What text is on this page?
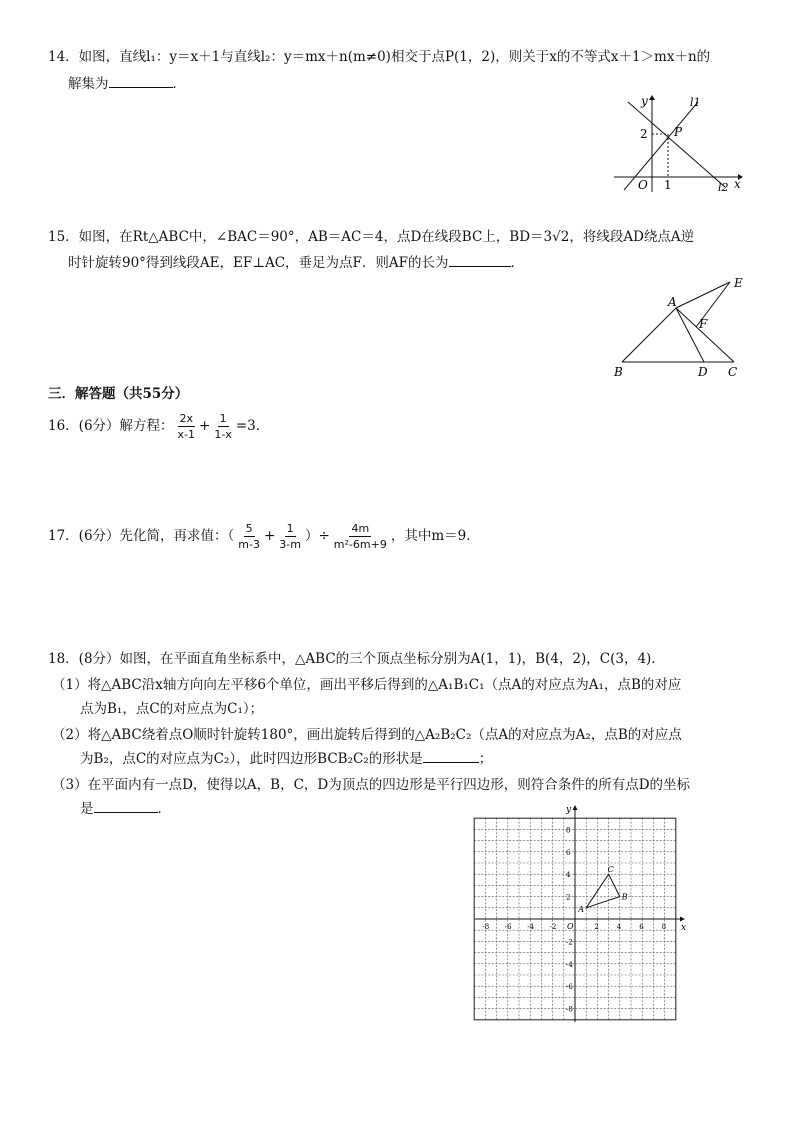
14．如图，直线l₁：y＝x＋1与直线l₂：y＝mx＋n(m≠0)相交于点P(1，2)，则关于x的不等式x＋1＞mx＋n的
解集为	．
y	l1
2 P
O 1	l2 x
15．如图，在Rt△ABC中，∠BAC＝90°，AB＝AC＝4，点D在线段BC上，BD＝3√2，将线段AD绕点A逆
时针旋转90°得到线段AE，EF⊥AC，垂足为点F．则AF的长为	．
A
E
F
B	D C
三．解答题（共55分）
16．(6分）解方程： $\frac{2x}{x-1} + \frac{1}{1-x} =3$．
17．(6分）先化简，再求值：（ $\frac{5}{m-3} + \frac{1}{3-m}$ ）÷ $\frac{4m}{\text{m²-6m+9}}$ ，其中m＝9．
18．(8分）如图，在平面直角坐标系中，△ABC的三个顶点坐标分别为A(1，1)，B(4，2)，C(3，4)．
（1）将△ABC沿x轴方向向左平移6个单位，画出平移后得到的△A₁B₁C₁（点A的对应点为A₁，点B的对应
点为B₁，点C的对应点为C₁）；
（2）将△ABC绕着点O顺时针旋转180°，画出旋转后得到的△A₂B₂C₂（点A的对应点为A₂，点B的对应点
为B₂，点C的对应点为C₂），此时四边形BCB₂C₂的形状是	；
（3）在平面内有一点D，使得以A，B，C，D为顶点的四边形是平行四边形，则符合条件的所有点D的坐标
是	．
x
y
O
-8 -6 -4 -2	2	4	6	8
8
6
4
2
-2
-4
-6
-8
A
B
C
